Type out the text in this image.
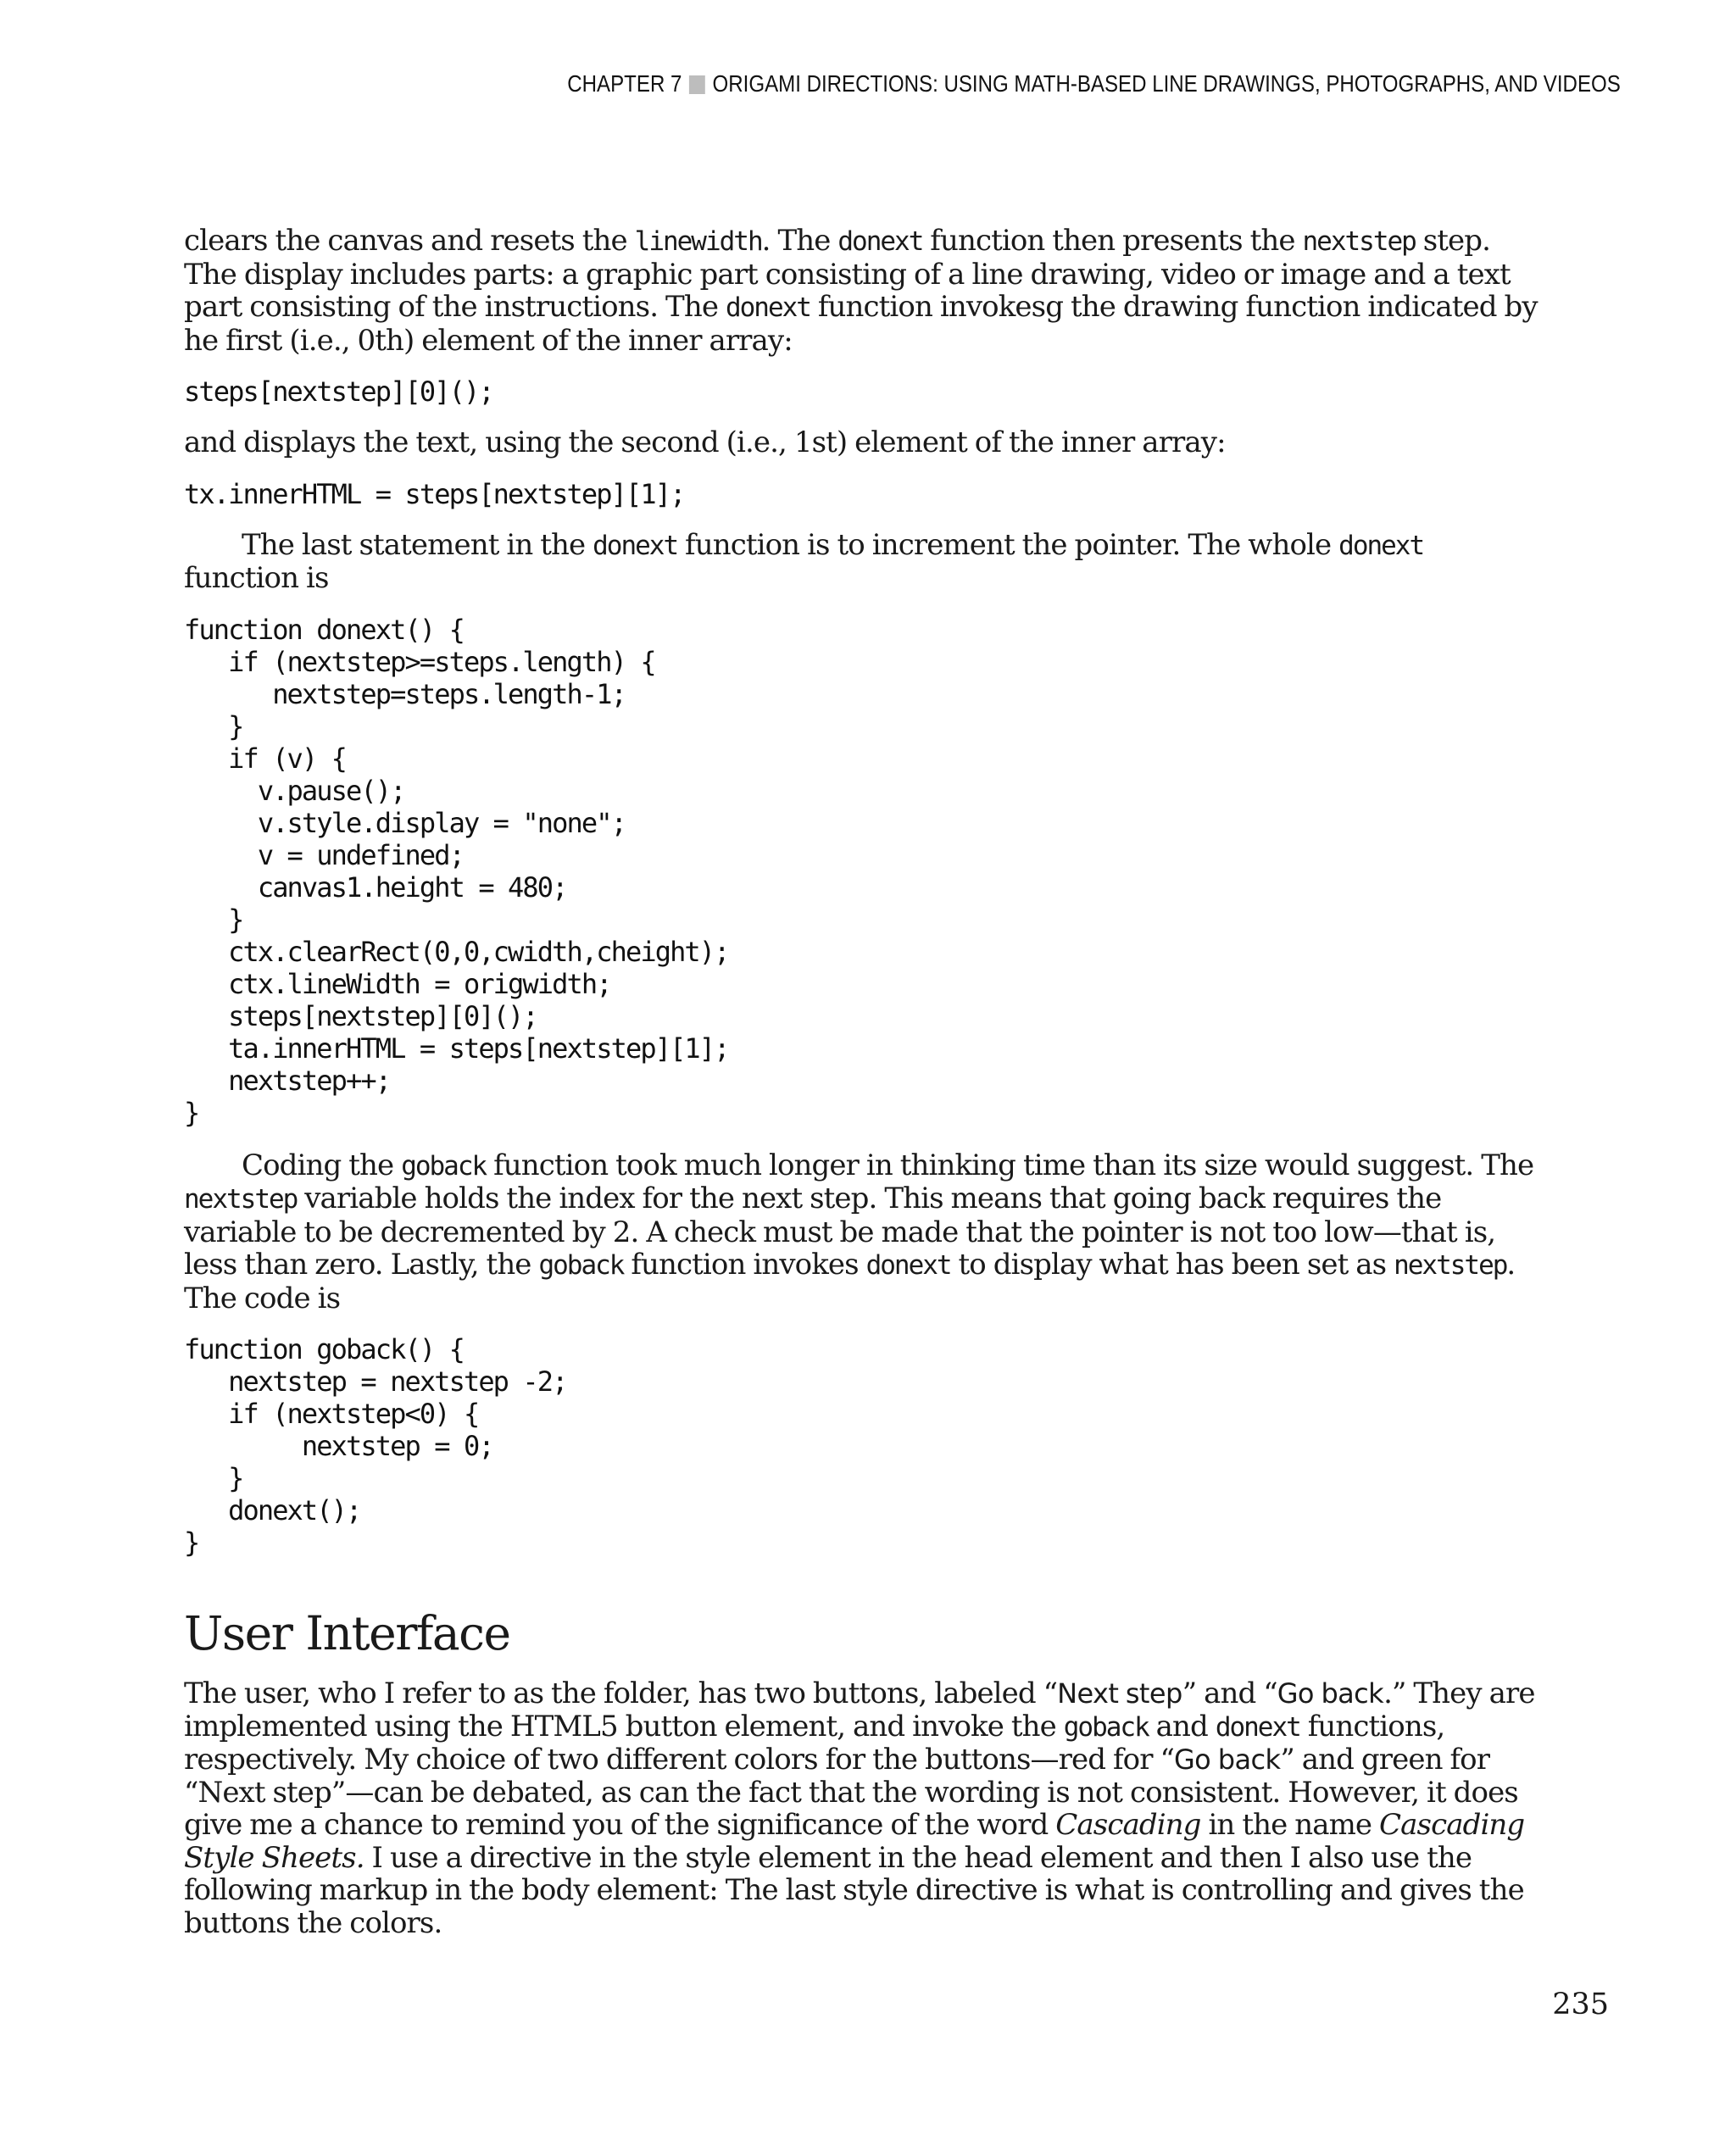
CHAPTER 7 ORIGAMI DIRECTIONS: USING MATH-BASED LINE DRAWINGS, PHOTOGRAPHS, AND VIDEOS

clears the canvas and resets the linewidth. The donext function then presents the nextstep step. The display includes parts: a graphic part consisting of a line drawing, video or image and a text part consisting of the instructions. The donext function invokesg the drawing function indicated by he first (i.e., 0th) element of the inner array:

steps[nextstep][0]();

and displays the text, using the second (i.e., 1st) element of the inner array:

tx.innerHTML = steps[nextstep][1];

The last statement in the donext function is to increment the pointer. The whole donext function is

function donext() {
if (nextstep>=steps.length) {
nextstep=steps.length-1;
}
if (v) {
v.pause();
v.style.display = "none";
v = undefined;
canvas1.height = 480;
}
ctx.clearRect(0,0,cwidth,cheight);
ctx.lineWidth = origwidth;
steps[nextstep][0]();
ta.innerHTML = steps[nextstep][1];
nextstep++;
}

Coding the goback function took much longer in thinking time than its size would suggest. The nextstep variable holds the index for the next step. This means that going back requires the variable to be decremented by 2. A check must be made that the pointer is not too low—that is, less than zero. Lastly, the goback function invokes donext to display what has been set as nextstep. The code is

function goback() {
nextstep = nextstep -2;
if (nextstep<0) {
nextstep = 0;
}
donext();
}
User Interface

The user, who I refer to as the folder, has two buttons, labeled “Next step” and “Go back.” They are implemented using the HTML5 button element, and invoke the goback and donext functions, respectively. My choice of two different colors for the buttons—red for “Go back” and green for “Next step”—can be debated, as can the fact that the wording is not consistent. However, it does give me a chance to remind you of the significance of the word Cascading in the name Cascading Style Sheets. I use a directive in the style element in the head element and then I also use the following markup in the body element: The last style directive is what is controlling and gives the buttons the colors.

235
